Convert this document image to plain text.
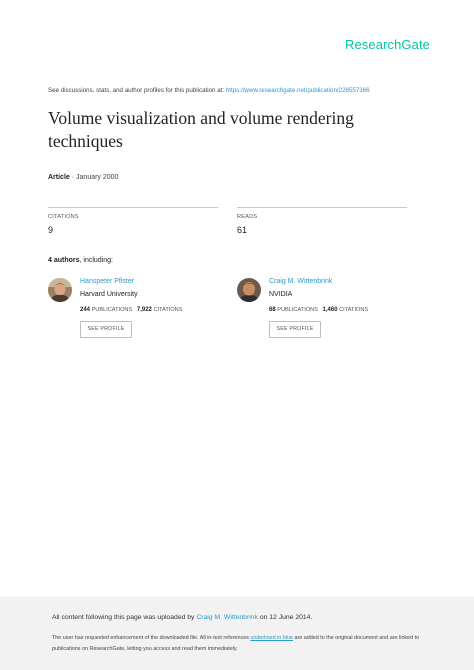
ResearchGate
See discussions, stats, and author profiles for this publication at: https://www.researchgate.net/publication/228557366
Volume visualization and volume rendering techniques
Article · January 2000
CITATIONS
9
READS
61
4 authors, including:
Hanspeter Pfister
Harvard University
244 PUBLICATIONS 7,922 CITATIONS
SEE PROFILE
Craig M. Wittenbrink
NVIDIA
68 PUBLICATIONS 1,460 CITATIONS
SEE PROFILE
All content following this page was uploaded by Craig M. Wittenbrink on 12 June 2014.
The user has requested enhancement of the downloaded file. All in-text references underlined in blue are added to the original document and are linked to publications on ResearchGate, letting you access and read them immediately.
